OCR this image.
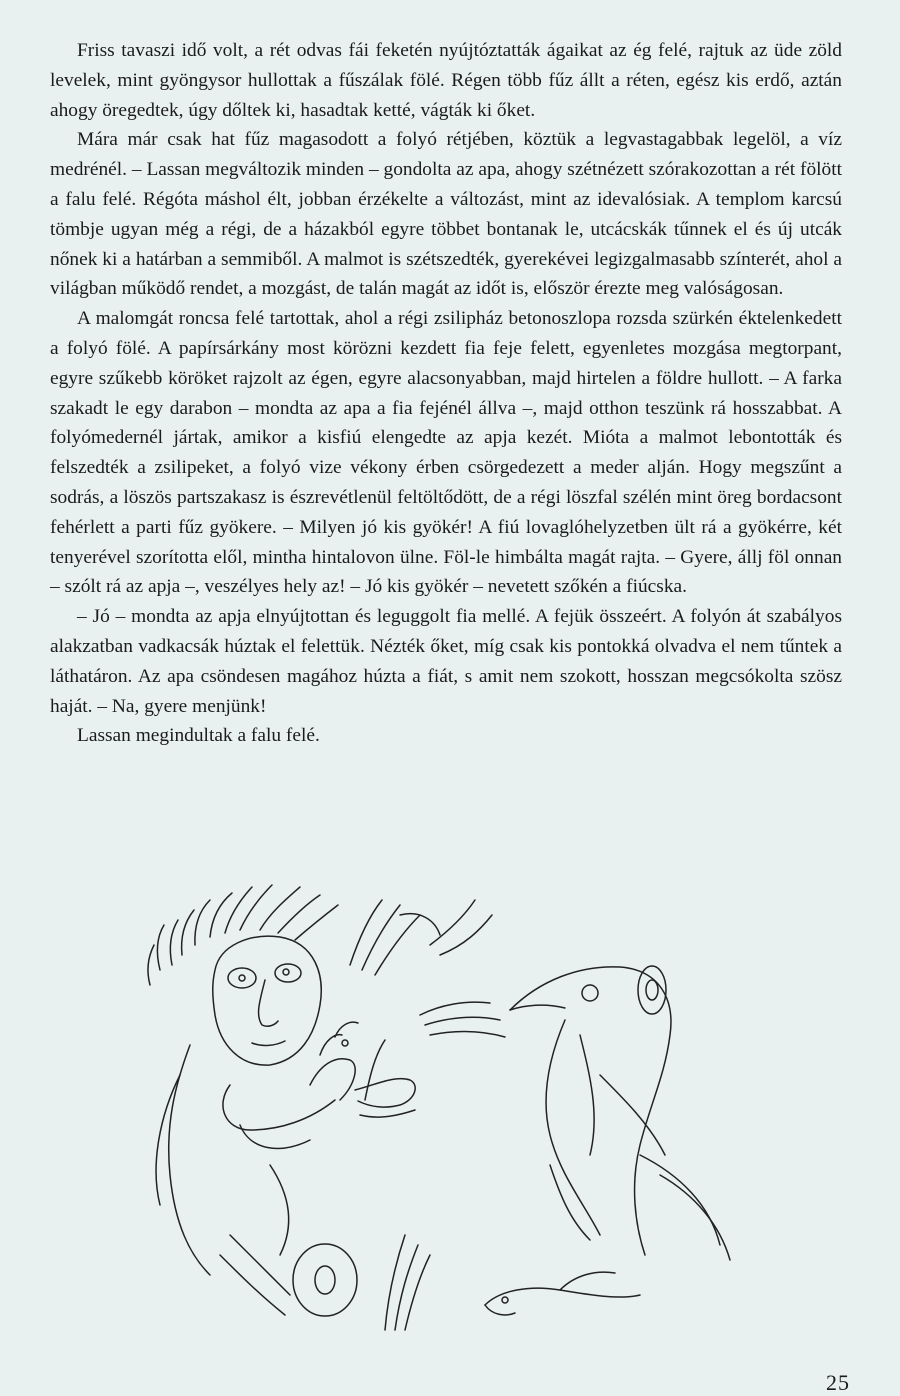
Friss tavaszi idő volt, a rét odvas fái feketén nyújtóztatták ágaikat az ég felé, rajtuk az üde zöld levelek, mint gyöngysor hullottak a fűszálak fölé. Régen több fűz állt a réten, egész kis erdő, aztán ahogy öregedtek, úgy dőltek ki, hasadtak ketté, vágták ki őket.

Mára már csak hat fűz magasodott a folyó rétjében, köztük a legvastagabbak legelöl, a víz medrénél. – Lassan megváltozik minden – gondolta az apa, ahogy szétnézett szórakozottan a rét fölött a falu felé. Régóta máshol élt, jobban érzékelte a változást, mint az idevalósiak. A templom karcsú tömbje ugyan még a régi, de a házakból egyre többet bontanak le, utcácskák tűnnek el és új utcák nőnek ki a határban a semmiből. A malmot is szétszedték, gyerekévei legizgalmasabb színterét, ahol a világban működő rendet, a mozgást, de talán magát az időt is, először érezte meg valóságosan.

A malomgát roncsa felé tartottak, ahol a régi zsilipház betonoszlopa rozsda szürkén éktelenkedett a folyó fölé. A papírsárkány most körözni kezdett fia feje felett, egyenletes mozgása megtorpant, egyre szűkebb köröket rajzolt az égen, egyre alacsonyabban, majd hirtelen a földre hullott. – A farka szakadt le egy darabon – mondta az apa a fia fejénél állva –, majd otthon teszünk rá hosszabbat. A folyómedernél jártak, amikor a kisfiú elengedte az apja kezét. Mióta a malmot lebontották és felszedték a zsilipeket, a folyó vize vékony érben csörgedezett a meder alján. Hogy megszűnt a sodrás, a löszös partszakasz is észrevétlenül feltöltődött, de a régi löszfal szélén mint öreg bordacsont fehérlett a parti fűz gyökere. – Milyen jó kis gyökér! A fiú lovaglóhelyzetben ült rá a gyökérre, két tenyerével szorította elől, mintha hintalovon ülne. Föl-le himbálta magát rajta. – Gyere, állj föl onnan – szólt rá az apja –, veszélyes hely az! – Jó kis gyökér – nevetett szőkén a fiúcska.

– Jó – mondta az apja elnyújtottan és leguggolt fia mellé. A fejük összeért. A folyón át szabályos alakzatban vadkacsák húztak el felettük. Nézték őket, míg csak kis pontokká olvadva el nem tűntek a láthatáron. Az apa csöndesen magához húzta a fiát, s amit nem szokott, hosszan megcsókolta szösz haját. – Na, gyere menjünk!

Lassan megindultak a falu felé.

25
